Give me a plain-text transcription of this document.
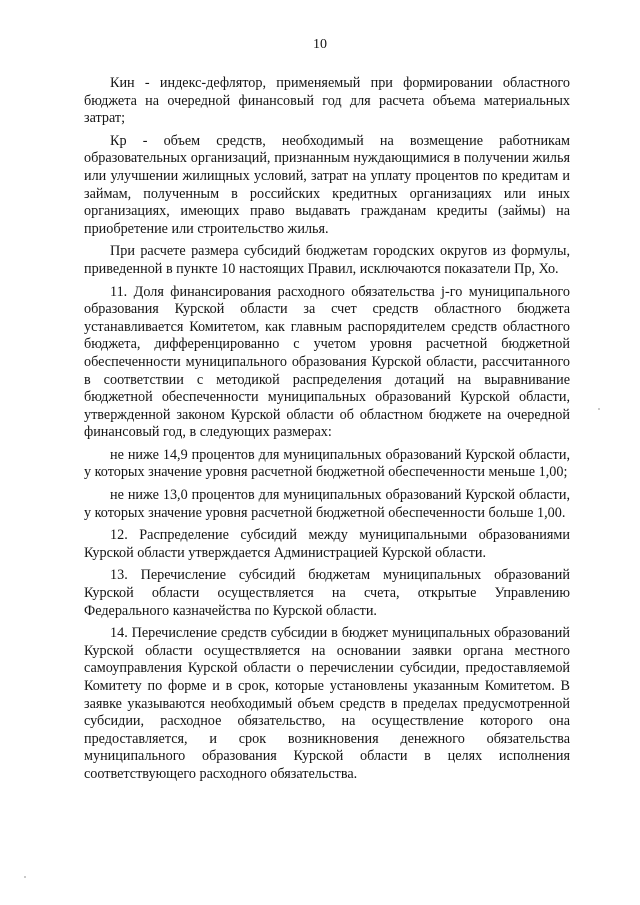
10

Кин - индекс-дефлятор, применяемый при формировании областного бюджета на очередной финансовый год для расчета объема материальных затрат;

Кр - объем средств, необходимый на возмещение работникам образовательных организаций, признанным нуждающимися в получении жилья или улучшении жилищных условий, затрат на уплату процентов по кредитам и займам, полученным в российских кредитных организациях или иных организациях, имеющих право выдавать гражданам кредиты (займы) на приобретение или строительство жилья.

При расчете размера субсидий бюджетам городских округов из формулы, приведенной в пункте 10 настоящих Правил, исключаются показатели Пр, Хо.

11. Доля финансирования расходного обязательства j-го муниципального образования Курской области за счет средств областного бюджета устанавливается Комитетом, как главным распорядителем средств областного бюджета, дифференцированно с учетом уровня расчетной бюджетной обеспеченности муниципального образования Курской области, рассчитанного в соответствии с методикой распределения дотаций на выравнивание бюджетной обеспеченности муниципальных образований Курской области, утвержденной законом Курской области об областном бюджете на очередной финансовый год, в следующих размерах:

не ниже 14,9 процентов для муниципальных образований Курской области, у которых значение уровня расчетной бюджетной обеспеченности меньше 1,00;

не ниже 13,0 процентов для муниципальных образований Курской области, у которых значение уровня расчетной бюджетной обеспеченности больше 1,00.

12. Распределение субсидий между муниципальными образованиями Курской области утверждается Администрацией Курской области.

13. Перечисление субсидий бюджетам муниципальных образований Курской области осуществляется на счета, открытые Управлению Федерального казначейства по Курской области.

14. Перечисление средств субсидии в бюджет муниципальных образований Курской области осуществляется на основании заявки органа местного самоуправления Курской области о перечислении субсидии, предоставляемой Комитету по форме и в срок, которые установлены указанным Комитетом. В заявке указываются необходимый объем средств в пределах предусмотренной субсидии, расходное обязательство, на осуществление которого она предоставляется, и срок возникновения денежного обязательства муниципального образования Курской области в целях исполнения соответствующего расходного обязательства.
